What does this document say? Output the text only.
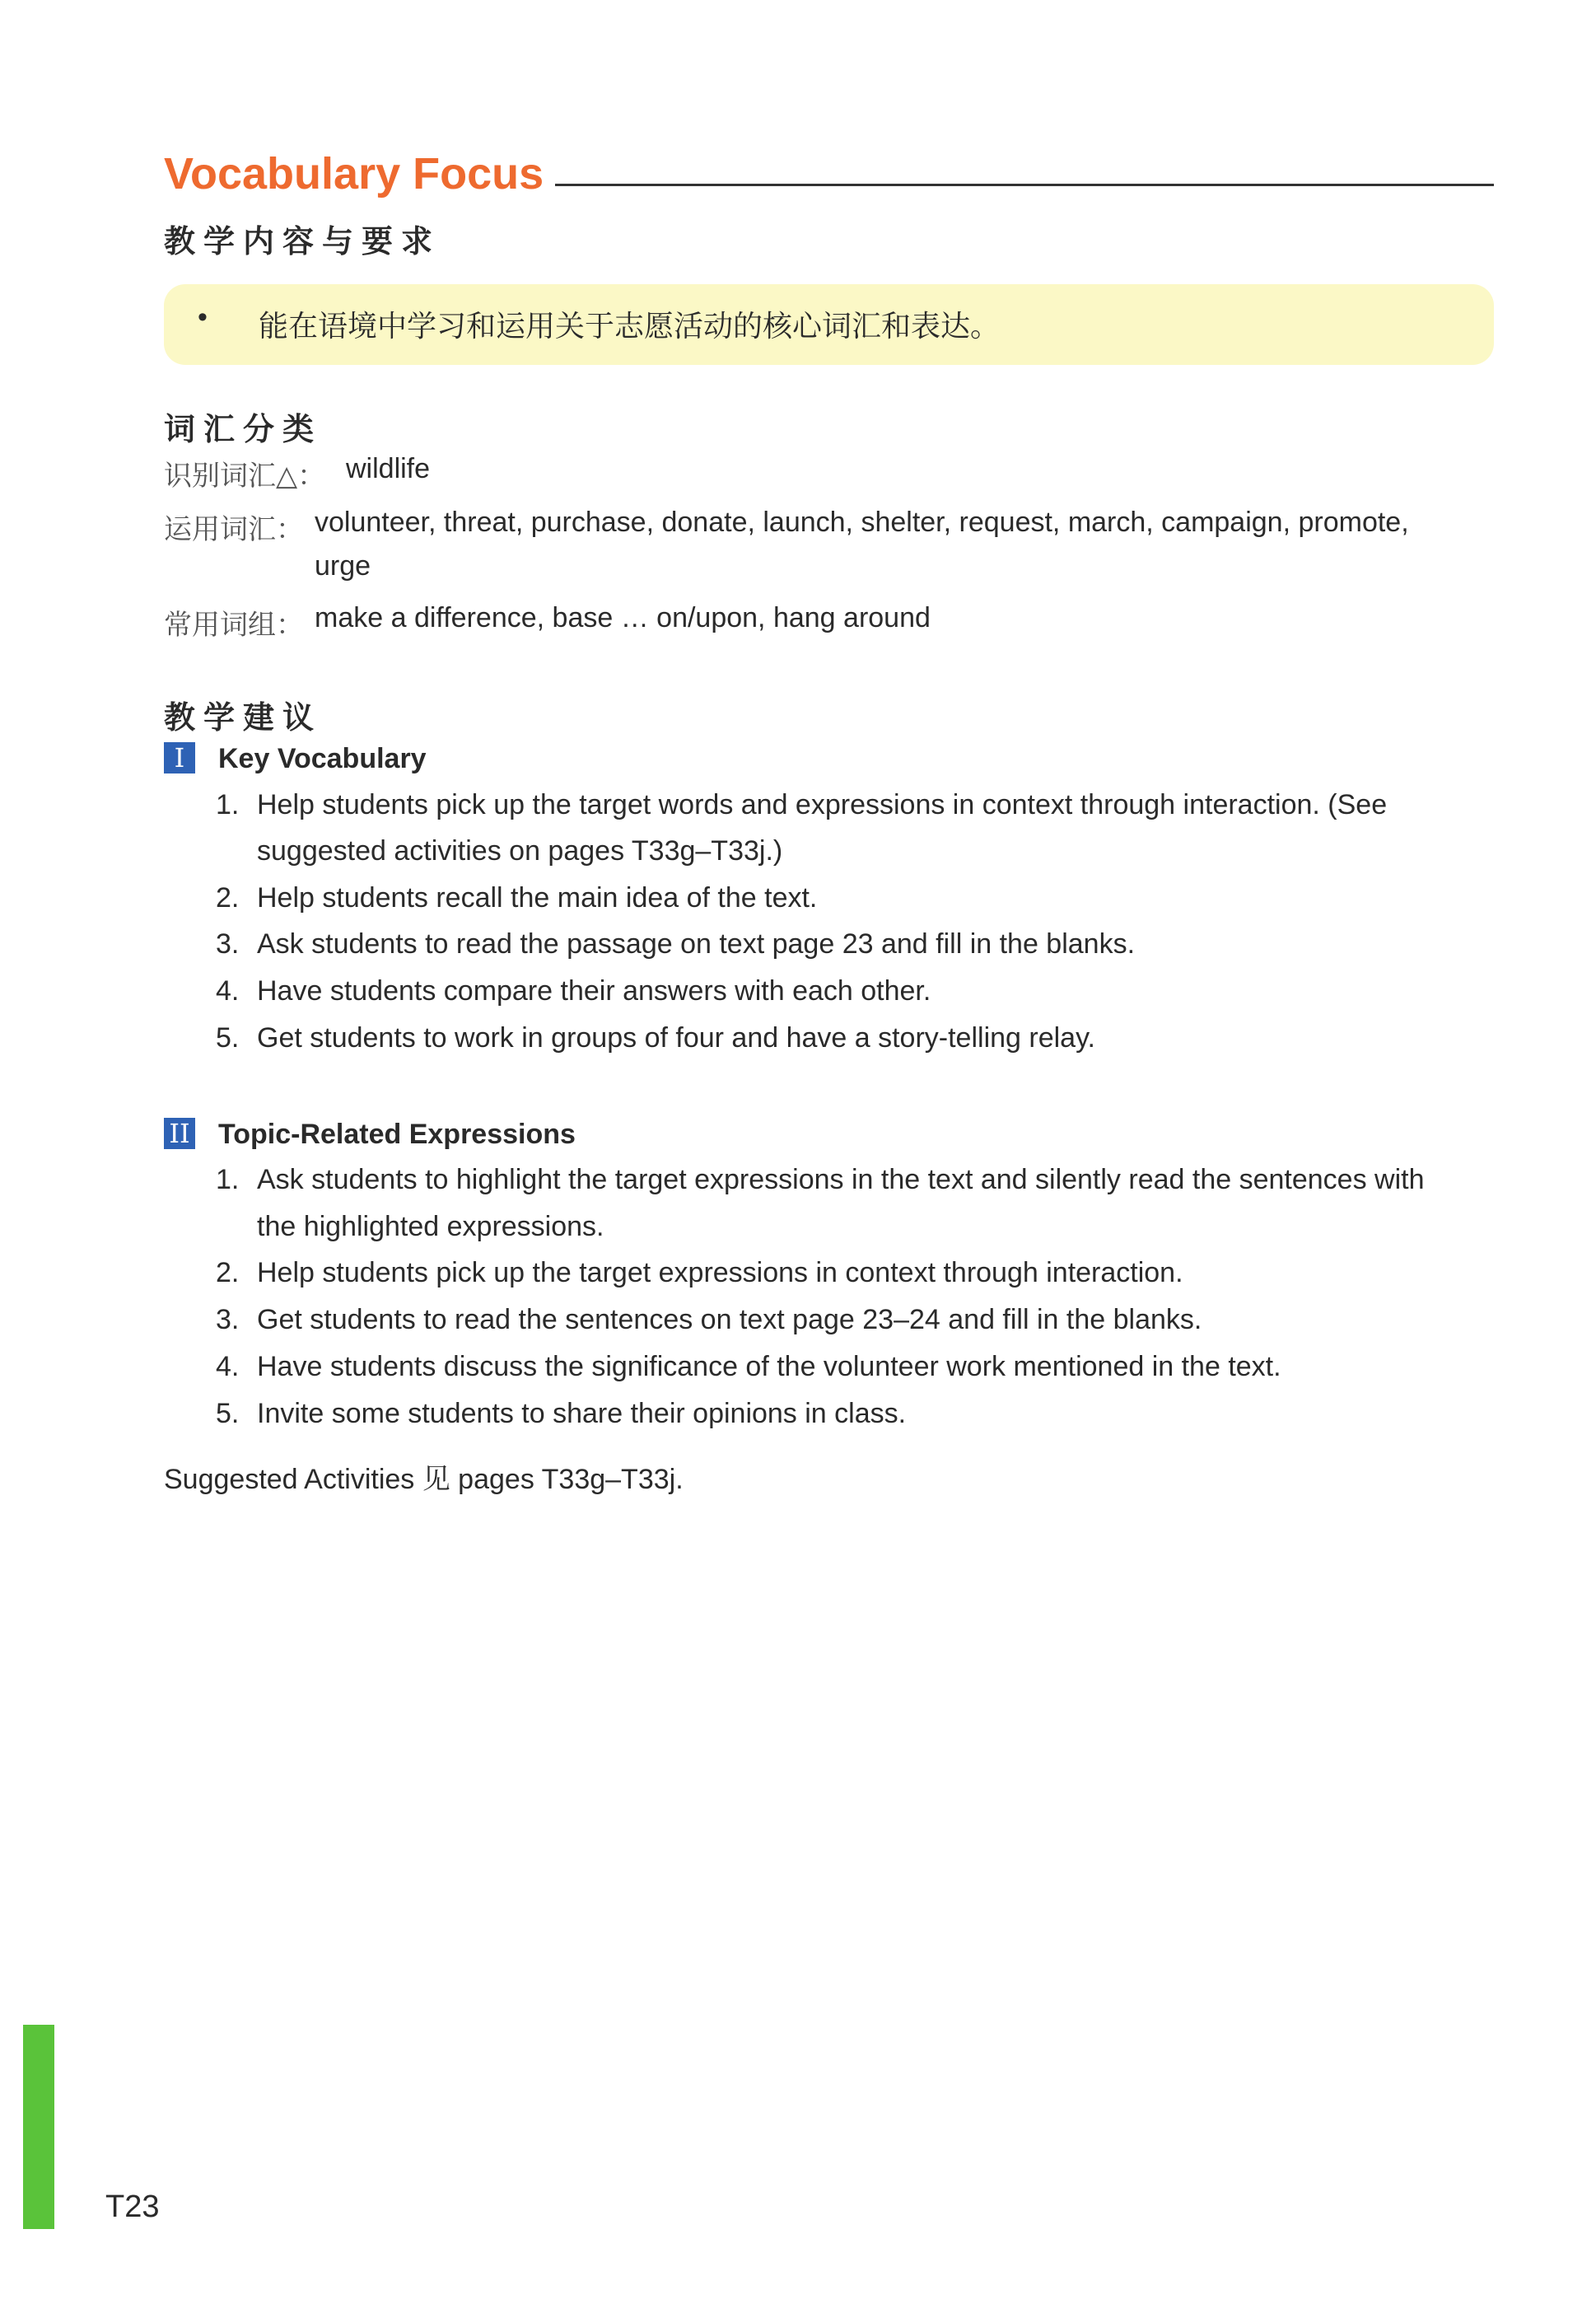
Vocabulary Focus
教学内容与要求
• 能在语境中学习和运用关于志愿活动的核心词汇和表达。
词汇分类
识别词汇△： wildlife
运用词汇： volunteer, threat, purchase, donate, launch, shelter, request, march, campaign, promote,
urge
常用词组： make a difference, base … on/upon, hang around
教学建议
I	Key Vocabulary
1. Help students pick up the target words and expressions in context through interaction. (See
suggested activities on pages T33g–T33j.)
2. Help students recall the main idea of the text.
3. Ask students to read the passage on text page 23 and fill in the blanks.
4. Have students compare their answers with each other.
5. Get students to work in groups of four and have a story-telling relay.
II Topic-Related Expressions
1. Ask students to highlight the target expressions in the text and silently read the sentences with
the highlighted expressions.
2. Help students pick up the target expressions in context through interaction.
3. Get students to read the sentences on text page 23–24 and fill in the blanks.
4. Have students discuss the significance of the volunteer work mentioned in the text.
5. Invite some students to share their opinions in class.
Suggested Activities 见 pages T33g–T33j.
T23
